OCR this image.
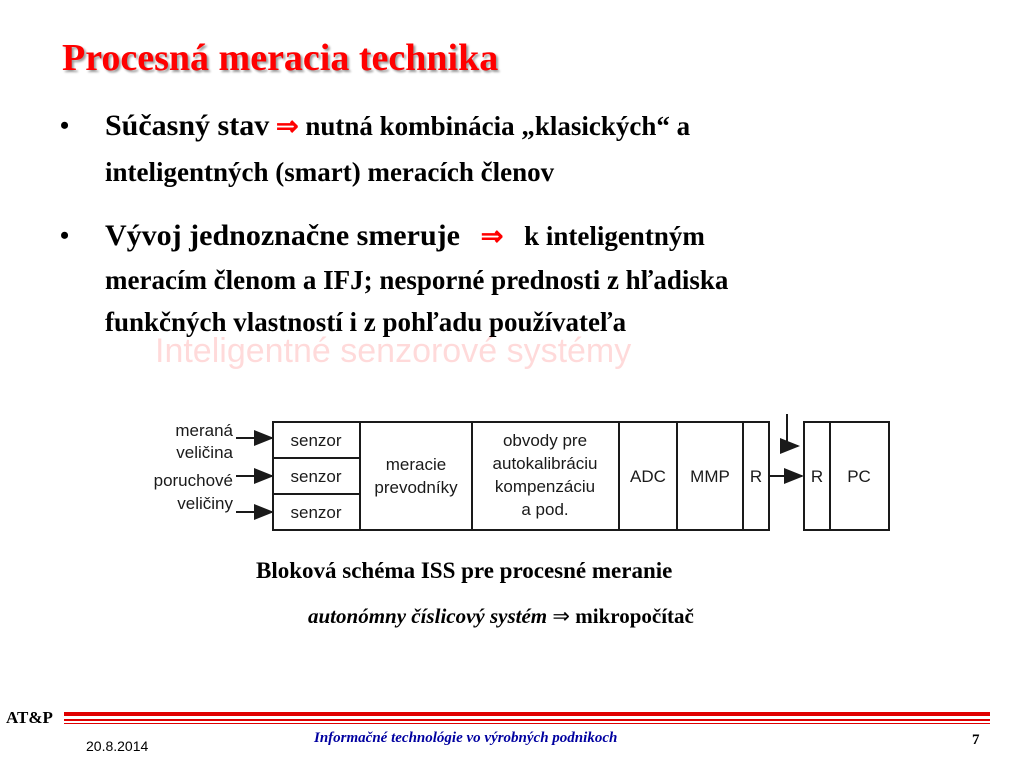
Procesná meracia technika
• Súčasný stav ⇒ nutná kombinácia „klasických“ a
inteligentných (smart) meracích členov
• Vývoj jednoznačne smeruje ⇒ k inteligentným
meracím členom a IFJ; nesporné prednosti z hľadiska
funkčných vlastností i z pohľadu používateľa
Inteligentné senzorové systémy
meraná
veličina
poruchové
veličiny
senzor
senzor
senzor
meracie
prevodníky
obvody pre
autokalibráciu
kompenzáciu
a pod.
ADC MMP R	R PC
Bloková schéma ISS pre procesné meranie
autonómny číslicový systém ⇒ mikropočítač
AT&P
20.8.2014	Informačné technológie vo výrobných podnikoch	7
